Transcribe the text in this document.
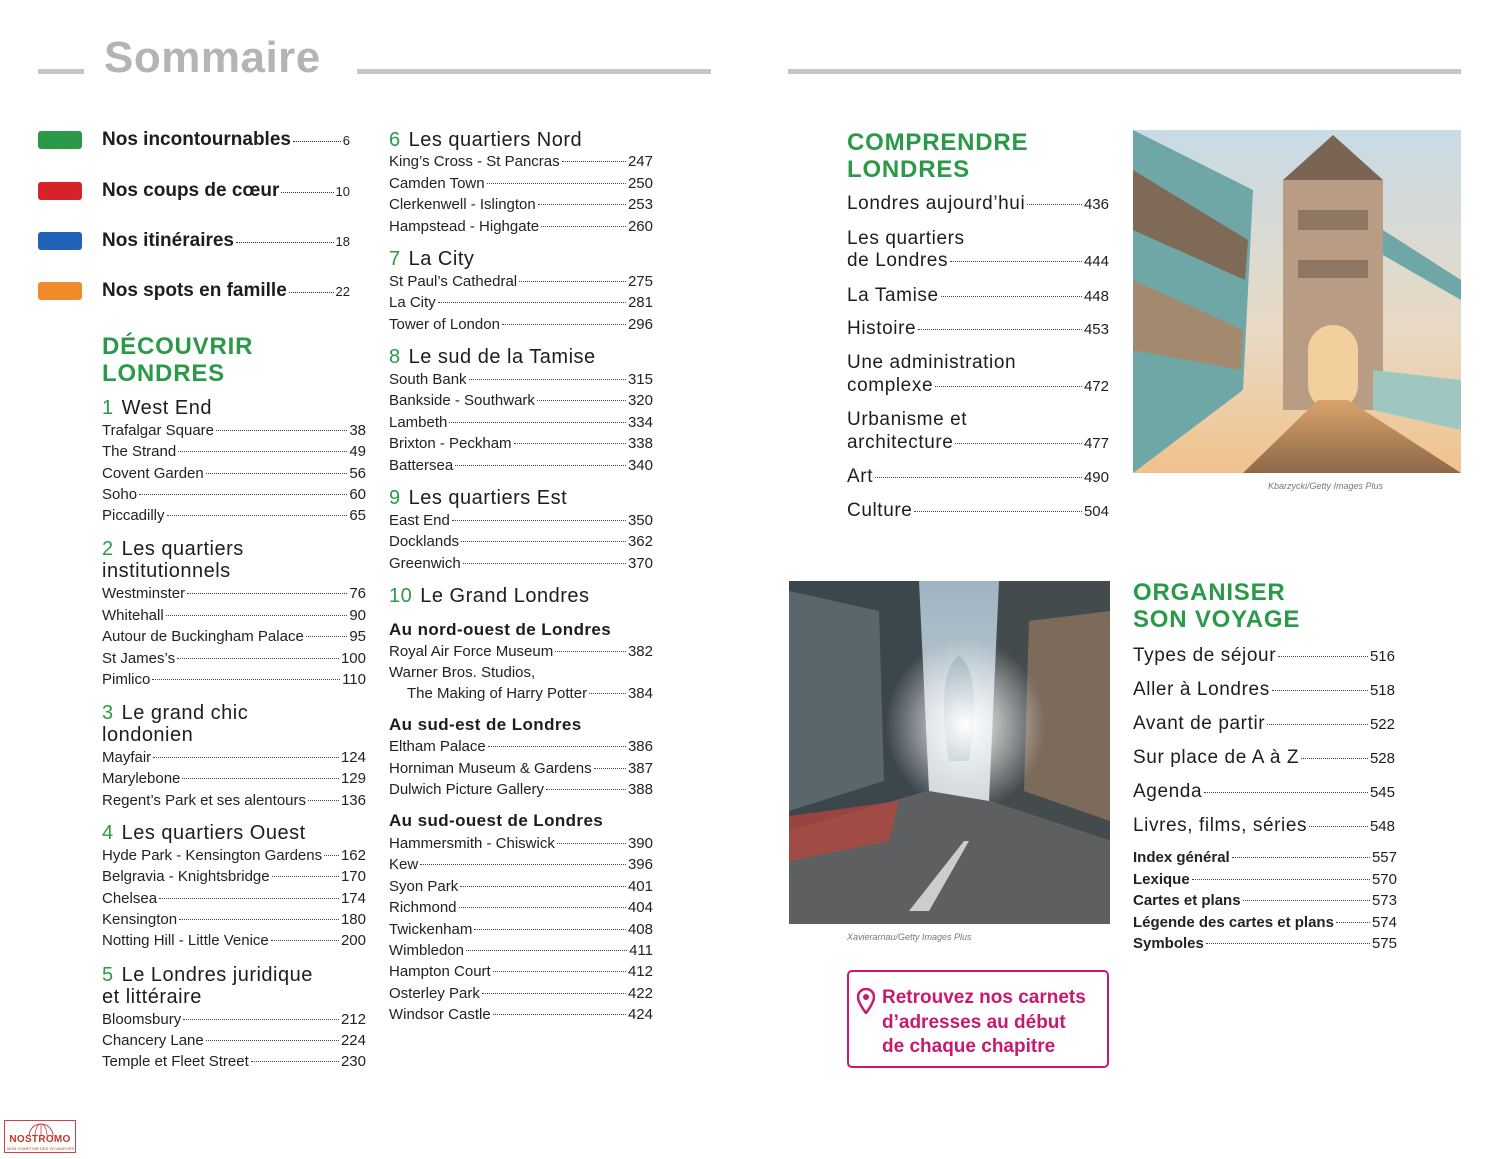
Sommaire
Nos incontournables	6
Nos coups de cœur	10
Nos itinéraires	18
Nos spots en famille	22
DÉCOUVRIR
LONDRES
1 West End
Trafalgar Square	38
The Strand	49
Covent Garden	56
Soho	60
Piccadilly	65
2 Les quartiers
institutionnels
Westminster	76
Whitehall	90
Autour de Buckingham Palace	95
St James’s	100
Pimlico	110
3 Le grand chic
londonien
Mayfair	124
Marylebone	129
Regent’s Park et ses alentours 136
4 Les quartiers Ouest
Hyde Park - Kensington Gardens 162
Belgravia - Knightsbridge	170
Chelsea	174
Kensington	180
Notting Hill - Little Venice	200
5 Le Londres juridique
et littéraire
Bloomsbury	212
Chancery Lane	224
Temple et Fleet Street	230
6 Les quartiers Nord
King’s Cross - St Pancras	247
Camden Town	250
Clerkenwell - Islington	253
Hampstead - Highgate	260
7 La City
St Paul’s Cathedral	275
La City	281
Tower of London	296
8 Le sud de la Tamise
South Bank	315
Bankside - Southwark	320
Lambeth	334
Brixton - Peckham	338
Battersea	340
9 Les quartiers Est
East End	350
Docklands	362
Greenwich	370
10 Le Grand Londres
Au nord-ouest de Londres
Royal Air Force Museum	382
Warner Bros. Studios,
The Making of Harry Potter	384
Au sud-est de Londres
Eltham Palace	386
Horniman Museum & Gardens 387
Dulwich Picture Gallery	388
Au sud-ouest de Londres
Hammersmith - Chiswick	390
Kew	396
Syon Park	401
Richmond	404
Twickenham	408
Wimbledon	411
Hampton Court	412
Osterley Park	422
Windsor Castle	424
COMPRENDRE
LONDRES
Londres aujourd’hui	436
Les quartiers
de Londres	444
La Tamise	448
Histoire	453
Une administration
complexe	472
Urbanisme et
architecture	477
Art	490
Culture	504
Kbarzycki/Getty Images Plus
Xavierarnau/Getty Images Plus
ORGANISER
SON VOYAGE
Types de séjour	516
Aller à Londres	518
Avant de partir	522
Sur place de A à Z	528
Agenda	545
Livres, films, séries	548
Index général	557
Lexique	570
Cartes et plans	573
Légende des cartes et plans	574
Symboles	575
Retrouvez nos carnets
d’adresses au début
de chaque chapitre
NOSTROMO
MON COMPTOIR DES VOYAGEURS
